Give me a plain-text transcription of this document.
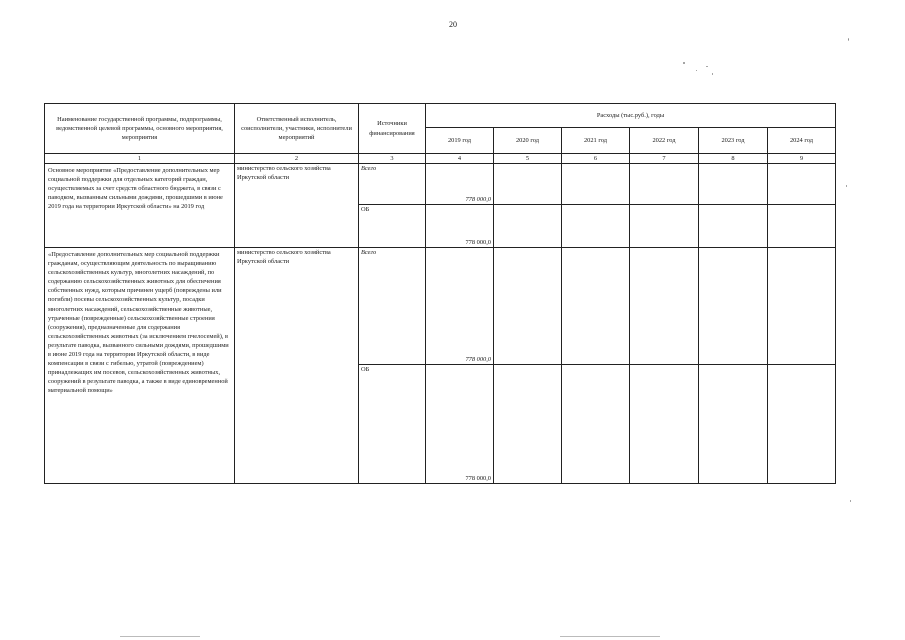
20
Наименование государственной программы, подпрограммы, ведомственной целевой программы, основного мероприятия, мероприятия	Ответственный исполнитель, соисполнители, участники, исполнители мероприятий	Источники финансирования	Расходы (тыс.руб.), годы					
			2019 год	2020 год	2021 год	2022 год	2023 год	2024 год
1	2	3	4	5	6	7	8	9
Основное мероприятие «Предоставление дополнительных мер социальной поддержки для отдельных категорий граждан, осуществляемых за счет средств областного бюджета, в связи с паводком, вызванным сильными дождями, прошедшими в июне 2019 года на территории Иркутской области» на 2019 год	министерство сельского хозяйства Иркутской области	Всего	778 000,0					
		ОБ	778 000,0					
«Предоставление дополнительных мер социальной поддержки гражданам, осуществляющим деятельность по выращиванию сельскохозяйственных культур, многолетних насаждений, по содержанию сельскохозяйственных животных для обеспечения собственных нужд, которым причинен ущерб (повреждены или погибли) посевы сельскохозяйственных культур, посадки многолетних насаждений, сельскохозяйственные животные, утраченные (поврежденные) сельскохозяйственные строения (сооружения), предназначенные для содержания сельскохозяйственных животных (за исключением пчелосемей), в результате паводка, вызванного сильными дождями, прошедшими в июне 2019 года на территории Иркутской области, в виде компенсации в связи с гибелью, утратой (повреждением) принадлежащих им посевов, сельскохозяйственных животных, сооружений в результате паводка, а также в виде единовременной материальной помощи»	министерство сельского хозяйства Иркутской области	Всего	778 000,0					
		ОБ	778 000,0					
